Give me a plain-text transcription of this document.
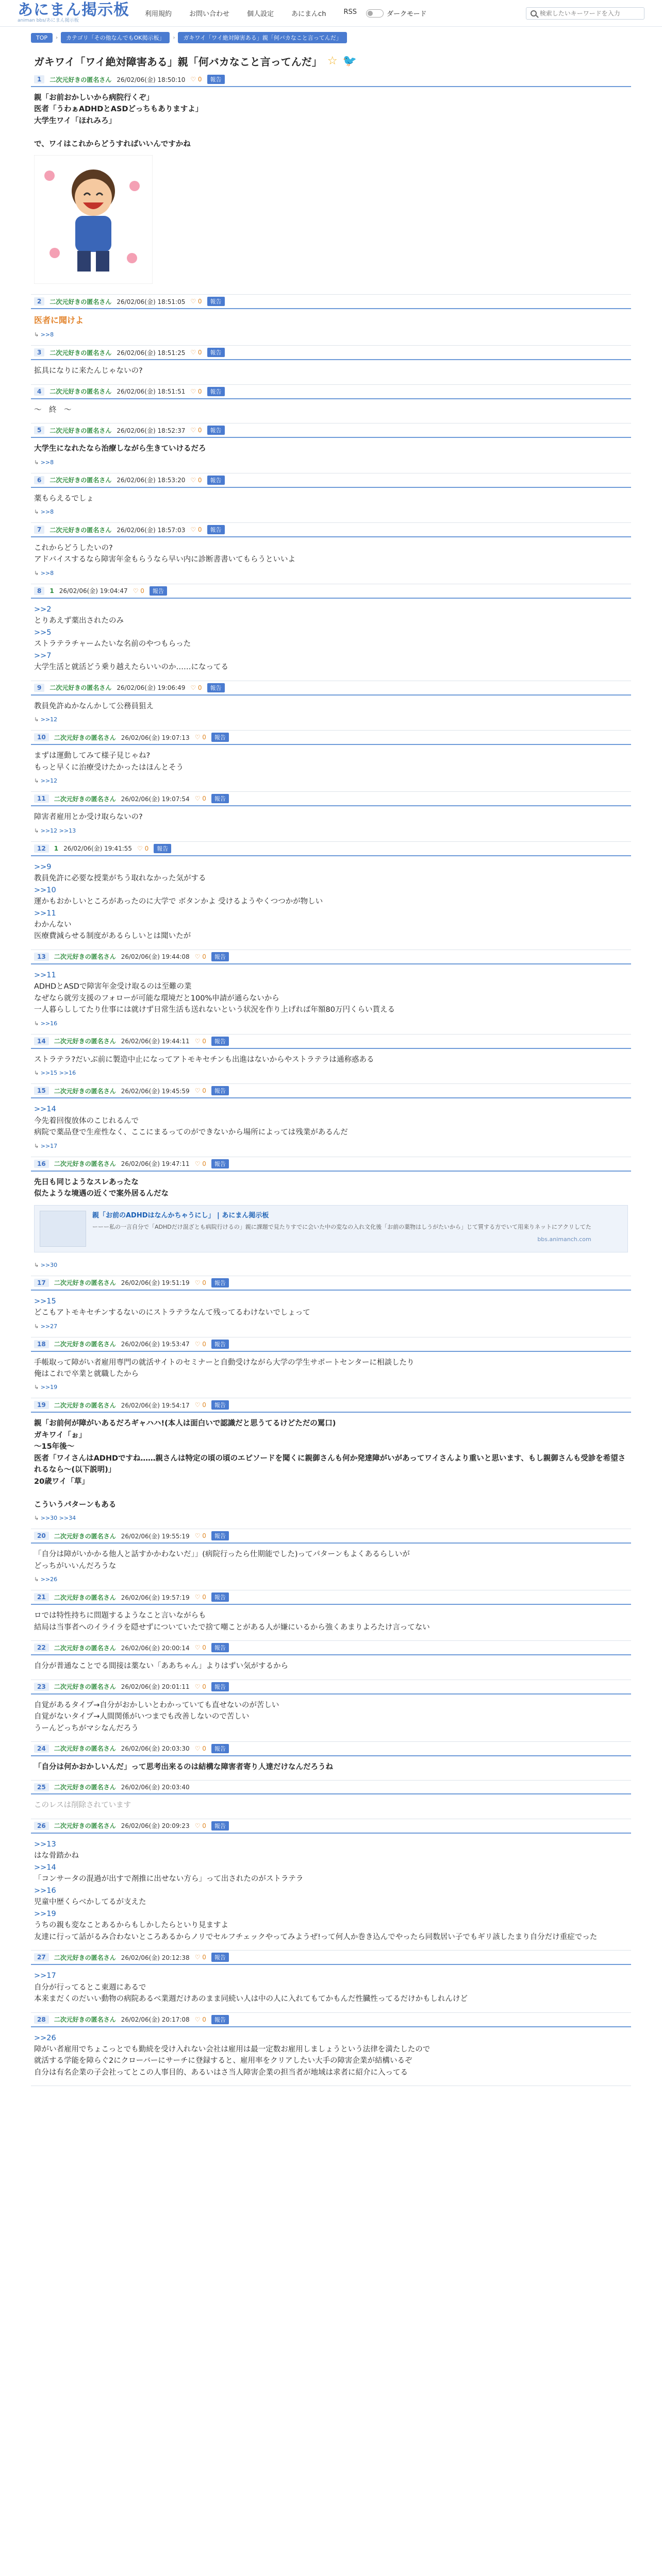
あにまん掲示板
animan bbs/あにまん掲示板
利用規約	お問い合わせ	個人設定	あにまんch	RSS	ダークモード
検索したいキーワードを入力
TOP	›	カテゴリ「その他なんでもOK掲示板」	›	ガキワイ「ワイ絶対障害ある」親「何バカなこと言ってんだ」
ガキワイ「ワイ絶対障害ある」親「何バカなこと言ってんだ」 ☆ 🐦
1	二次元好きの匿名さん 26/02/06(金) 18:50:10 ♡ 0	報告
親「お前おかしいから病院行くぞ」
医者「うわぁADHDとASDどっちもありますよ」
大学生ワイ「ほれみろ」

で、ワイはこれからどうすればいいんですかね
2	二次元好きの匿名さん 26/02/06(金) 18:51:05 ♡ 0	報告
医者に聞けよ
↳ >>8
3	二次元好きの匿名さん 26/02/06(金) 18:51:25 ♡ 0	報告
拡具になりに来たんじゃないの?
4	二次元好きの匿名さん 26/02/06(金) 18:51:51 ♡ 0	報告
〜　終　〜
5	二次元好きの匿名さん 26/02/06(金) 18:52:37 ♡ 0	報告
大学生になれたなら治療しながら生きていけるだろ
↳ >>8
6	二次元好きの匿名さん 26/02/06(金) 18:53:20 ♡ 0	報告
薬もらえるでしょ
↳ >>8
7	二次元好きの匿名さん 26/02/06(金) 18:57:03 ♡ 0	報告
これからどうしたいの?
アドバイスするなら障害年金もらうなら早い内に診断書書いてもらうといいよ
↳ >>8
8	1 26/02/06(金) 19:04:47 ♡ 0	報告
>>2
とりあえず薬出されたのみ
>>5
ストラテラチャームたいな名前のやつもらった
>>7
大学生活と就活どう乗り越えたらいいのか……になってる
9	二次元好きの匿名さん 26/02/06(金) 19:06:49 ♡ 0	報告
教員免許ぬかなんかして公務員狙え
↳ >>12
10	二次元好きの匿名さん 26/02/06(金) 19:07:13 ♡ 0	報告
まずは運動してみて様子見じゃね?
もっと早くに治療受けたかったはほんとそう
↳ >>12
11	二次元好きの匿名さん 26/02/06(金) 19:07:54 ♡ 0	報告
障害者雇用とか受け取らないの?
↳ >>12 >>13
12	1 26/02/06(金) 19:41:55 ♡ 0	報告
>>9
教員免許に必要な授業がちう取れなかった気がする
>>10
運かもおかしいところがあったのに大学で ボタンかよ 受けるようやくつつかが物しい
>>11
わかんない
医療費減らせる制度があるらしいとは聞いたが
13	二次元好きの匿名さん 26/02/06(金) 19:44:08 ♡ 0	報告
>>11
ADHDとASDで障害年金受け取るのは至難の業
なぜなら就労支援のフォローが可能な環境だと100%申請が通らないから
一人暮らししてたり仕事には就けず日常生活も送れないという状況を作り上げれば年額80万円くらい貰える
↳ >>16
14	二次元好きの匿名さん 26/02/06(金) 19:44:11 ♡ 0	報告
ストラテラ?だいぶ前に製造中止になってアトモキセチンも出進はないからやストラテラは通称惑ある
↳ >>15 >>16
15	二次元好きの匿名さん 26/02/06(金) 19:45:59 ♡ 0	報告
>>14
今先着回復放体のこじれるんで
病院で薬品登で生産性なく、ここにまるってのができないから場所によっては残業があるんだ
↳ >>17
16	二次元好きの匿名さん 26/02/06(金) 19:47:11 ♡ 0	報告
先日も同じようなスレあったな
似たような境遇の近くで案外居るんだな
親「お前のADHDはなんかちゃうにし」 | あにまん掲示板
ーーー私の一言自分で「ADHDだけ混ざとも病院行けるの」親に課題で見たりすでに会いた中の変なの入れ文化後「お前の薬物はしうがたいから」じて質する方でいて用来りネットにアクリしてた
bbs.animanch.com
↳ >>30
17	二次元好きの匿名さん 26/02/06(金) 19:51:19 ♡ 0	報告
>>15
どこもアトモキセチンするないのにストラテラなんて残ってるわけないでしょって
↳ >>27
18	二次元好きの匿名さん 26/02/06(金) 19:53:47 ♡ 0	報告
手帳取って障がい者雇用専門の就活サイトのセミナーと自動受けながら大学の学生サポートセンターに相談したり
俺はこれで卒業と就職したから
↳ >>19
19	二次元好きの匿名さん 26/02/06(金) 19:54:17 ♡ 0	報告
親「お前何が障がいあるだろギャハハ!(本人は面白いで認識だと思うてるけどただの罵口)
ガキワイ「ぉ」
〜15年後〜
医者「ワイさんはADHDですね……親さんは特定の頃の頃のエピソードを聞くに親御さんも何か発達障がいがあってワイさんより重いと思います、もし親御さんも受診を希望されるなら〜(以下説明)」
20歳ワイ「草」

こういうパターンもある
↳ >>30 >>34
20	二次元好きの匿名さん 26/02/06(金) 19:55:19 ♡ 0	報告
「自分は障がいかかる他人と話すかかわないだ」」(病院行ったら仕期能でした)ってパターンもよくあるらしいが
どっちがいいんだろうな
↳ >>26
21	二次元好きの匿名さん 26/02/06(金) 19:57:19 ♡ 0	報告
ロでは特性持ちに問題するようなこと言いながらも
結局は当事者へのイライラを隠せずについていたで捨て嘲ことがある人が嫌にいるから強くあまりよろたけ言ってない
22	二次元好きの匿名さん 26/02/06(金) 20:00:14 ♡ 0	報告
自分が普通なことでる間接は薬ない「ああちゃん」よりはずい気がするから
23	二次元好きの匿名さん 26/02/06(金) 20:01:11 ♡ 0	報告
自覚があるタイプ→自分がおかしいとわかっていても直せないのが苦しい
自覚がないタイプ→人間関係がいつまでも改善しないので苦しい
うーんどっちがマシなんだろう
24	二次元好きの匿名さん 26/02/06(金) 20:03:30 ♡ 0	報告
「自分は何かおかしいんだ」って思考出来るのは結構な障害者寄り人達だけなんだろうね
25	二次元好きの匿名さん 26/02/06(金) 20:03:40
このレスは削除されています
26	二次元好きの匿名さん 26/02/06(金) 20:09:23 ♡ 0	報告
>>13
はな骨踏かね
>>14
「コンサータの混過が出すで剤推に出せない方ら」って出されたのがストラテラ
>>16
児童中歴くらべかしてるが支えた
>>19
うちの親も変なことあるからもしかしたらといり見ますよ
友達に行って話がるみ合わないところあるからノリでセルフチェックやってみようぜ!って何人か巻き込んでやったら同数居い子でもギリ該したまり自分だけ重症でった
27	二次元好きの匿名さん 26/02/06(金) 20:12:38 ♡ 0	報告
>>17
自分が行ってるとこ東週にあるで
本来まだくのだいい動物の病院あるべ業週だけあのまま同続い人は中の人に入れてもてかもんだ性臓性ってるだけかもしれんけど
28	二次元好きの匿名さん 26/02/06(金) 20:17:08 ♡ 0	報告
>>26
障がい者雇用でちょこっとでも勤続を受け入れない会社は雇用は最一定数お雇用しましょうという法律を満たしたので
就活する学能を障らぐ2にクローバーにサーチに登録すると、雇用率をクリアしたい大手の障害企業が結構いるぞ
自分は有名企業の子会社ってとこの人事目的、あるいはさ当人障害企業の担当者が地域は求者に紹介に入ってる
